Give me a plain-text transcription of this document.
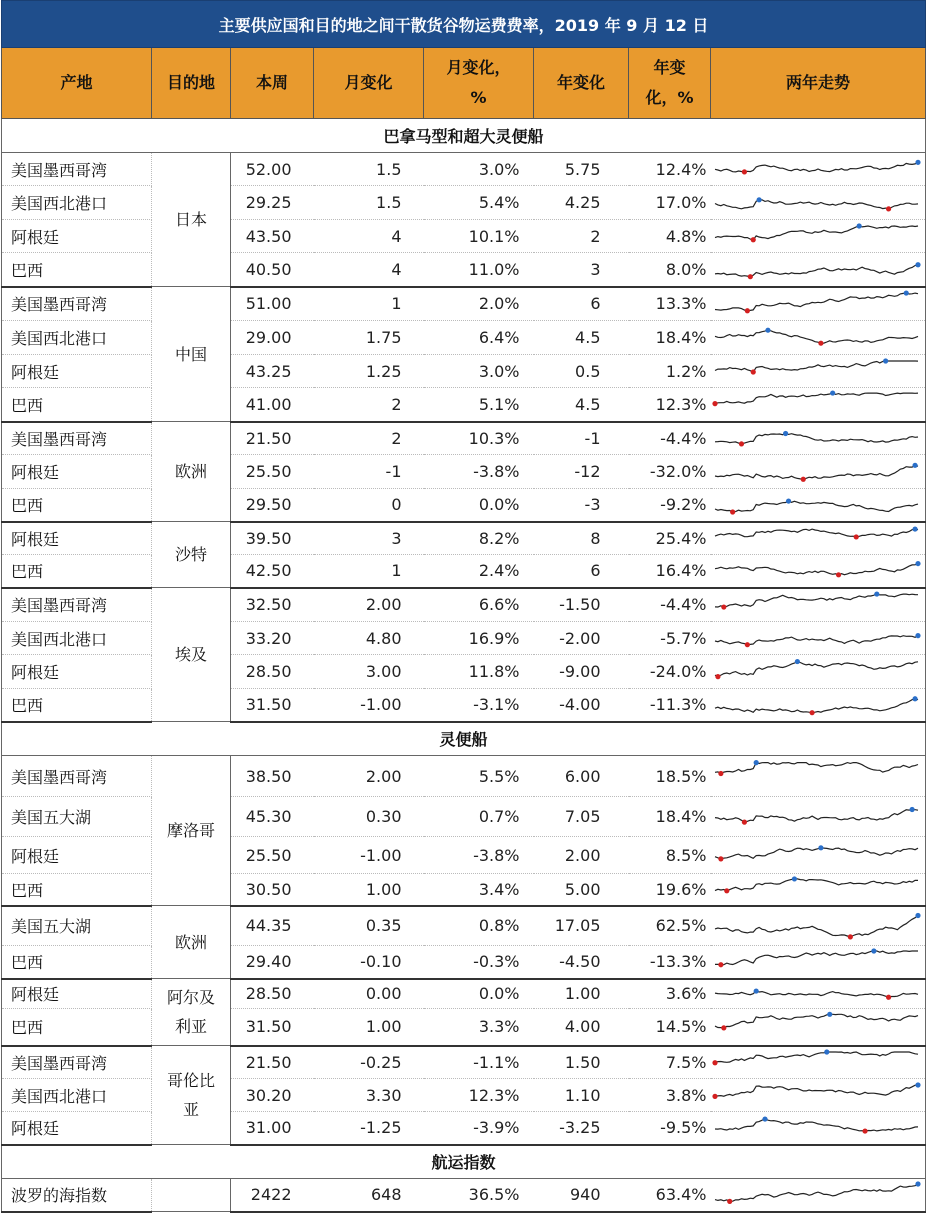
主要供应国和目的地之间干散货谷物运费费率，2019 年 9 月 12 日							
产地	目的地	本周	月变化	月变化，%	年变化	年变化，%	两年走势
巴拿马型和超大灵便船							
美国墨西哥湾	日本	52.00	1.5	3.0%	5.75	12.4%	

美国西北港口		29.25	1.5	5.4%	4.25	17.0%	

阿根廷		43.50	4	10.1%	2	4.8%	

巴西		40.50	4	11.0%	3	8.0%	

美国墨西哥湾	中国	51.00	1	2.0%	6	13.3%	

美国西北港口		29.00	1.75	6.4%	4.5	18.4%	

阿根廷		43.25	1.25	3.0%	0.5	1.2%	

巴西		41.00	2	5.1%	4.5	12.3%	

美国墨西哥湾	欧洲	21.50	2	10.3%	-1	-4.4%	

阿根廷		25.50	-1	-3.8%	-12	-32.0%	

巴西		29.50	0	0.0%	-3	-9.2%	

阿根廷	沙特	39.50	3	8.2%	8	25.4%	

巴西		42.50	1	2.4%	6	16.4%	

美国墨西哥湾	埃及	32.50	2.00	6.6%	-1.50	-4.4%	

美国西北港口		33.20	4.80	16.9%	-2.00	-5.7%	

阿根廷		28.50	3.00	11.8%	-9.00	-24.0%	

巴西		31.50	-1.00	-3.1%	-4.00	-11.3%	

灵便船							
美国墨西哥湾	摩洛哥	38.50	2.00	5.5%	6.00	18.5%	

美国五大湖		45.30	0.30	0.7%	7.05	18.4%	

阿根廷		25.50	-1.00	-3.8%	2.00	8.5%	

巴西		30.50	1.00	3.4%	5.00	19.6%	

美国五大湖	欧洲	44.35	0.35	0.8%	17.05	62.5%	

巴西		29.40	-0.10	-0.3%	-4.50	-13.3%	

阿根廷	阿尔及利亚	28.50	0.00	0.0%	1.00	3.6%	

巴西		31.50	1.00	3.3%	4.00	14.5%	

美国墨西哥湾	哥伦比亚	21.50	-0.25	-1.1%	1.50	7.5%	

美国西北港口		30.20	3.30	12.3%	1.10	3.8%	

阿根廷		31.00	-1.25	-3.9%	-3.25	-9.5%	

航运指数							
波罗的海指数		2422	648	36.5%	940	63.4%	
